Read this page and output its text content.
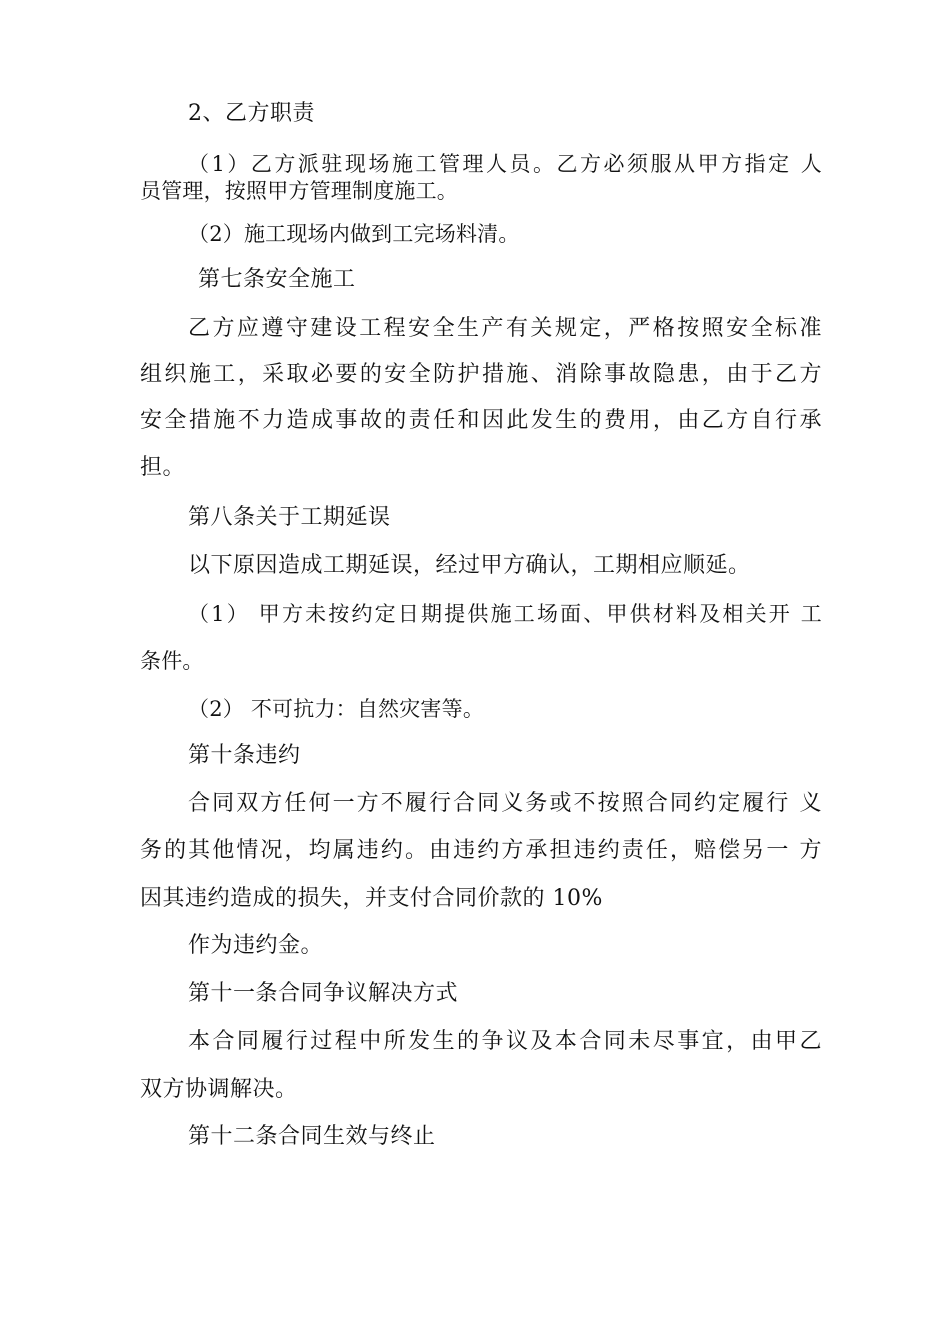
2、乙方职责
（1）乙方派驻现场施工管理人员。乙方必须服从甲方指定 人
员管理，按照甲方管理制度施工。
（2）施工现场内做到工完场料清。
第七条安全施工
乙方应遵守建设工程安全生产有关规定，严格按照安全标准
组织施工，采取必要的安全防护措施、消除事故隐患，由于乙方
安全措施不力造成事故的责任和因此发生的费用，由乙方自行承
担。
第八条关于工期延误
以下原因造成工期延误，经过甲方确认，工期相应顺延。
（1） 甲方未按约定日期提供施工场面、甲供材料及相关开 工
条件。
（2） 不可抗力：自然灾害等。
第十条违约
合同双方任何一方不履行合同义务或不按照合同约定履行 义
务的其他情况，均属违约。由违约方承担违约责任，赔偿另一 方
因其违约造成的损失，并支付合同价款的 10%
作为违约金。
第十一条合同争议解决方式
本合同履行过程中所发生的争议及本合同未尽事宜，由甲乙
双方协调解决。
第十二条合同生效与终止
